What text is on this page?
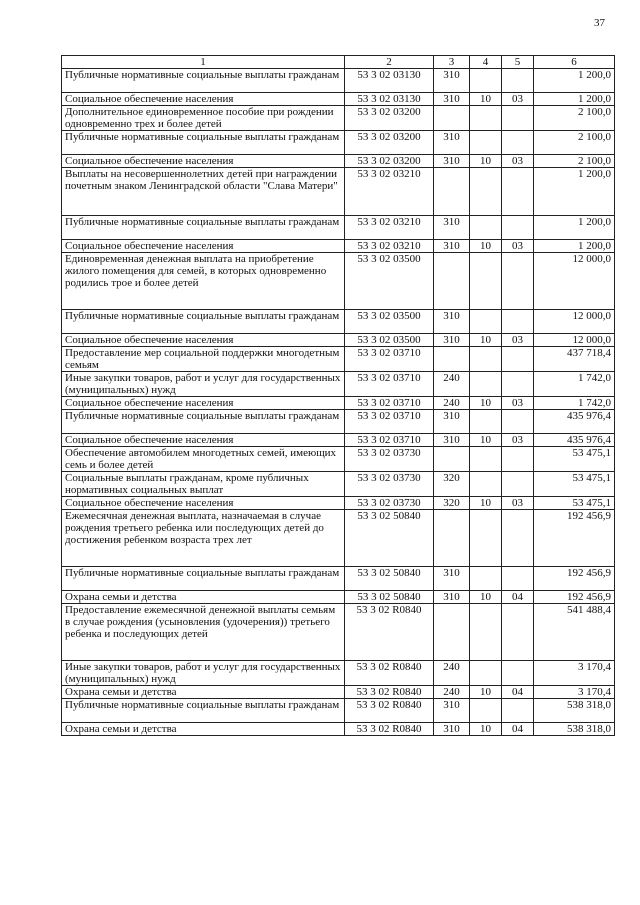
37
1	2	3	4	5	6
Публичные нормативные социальные выплаты гражданам	53 3 02 03130	310			1 200,0
Социальное обеспечение населения	53 3 02 03130	310	10	03	1 200,0
Дополнительное единовременное пособие при рождении одновременно трех и более детей	53 3 02 03200				2 100,0
Публичные нормативные социальные выплаты гражданам	53 3 02 03200	310			2 100,0
Социальное обеспечение населения	53 3 02 03200	310	10	03	2 100,0
Выплаты на несовершеннолетних детей при награждении почетным знаком Ленинградской области "Слава Матери"	53 3 02 03210				1 200,0
Публичные нормативные социальные выплаты гражданам	53 3 02 03210	310			1 200,0
Социальное обеспечение населения	53 3 02 03210	310	10	03	1 200,0
Единовременная денежная выплата на приобретение жилого помещения для семей, в которых одновременно родились трое и более детей	53 3 02 03500				12 000,0
Публичные нормативные социальные выплаты гражданам	53 3 02 03500	310			12 000,0
Социальное обеспечение населения	53 3 02 03500	310	10	03	12 000,0
Предоставление мер социальной поддержки многодетным семьям	53 3 02 03710				437 718,4
Иные закупки товаров, работ и услуг для государственных (муниципальных) нужд	53 3 02 03710	240			1 742,0
Социальное обеспечение населения	53 3 02 03710	240	10	03	1 742,0
Публичные нормативные социальные выплаты гражданам	53 3 02 03710	310			435 976,4
Социальное обеспечение населения	53 3 02 03710	310	10	03	435 976,4
Обеспечение автомобилем многодетных семей, имеющих семь и более детей	53 3 02 03730				53 475,1
Социальные выплаты гражданам, кроме публичных нормативных социальных выплат	53 3 02 03730	320			53 475,1
Социальное обеспечение населения	53 3 02 03730	320	10	03	53 475,1
Ежемесячная денежная выплата, назначаемая в случае рождения третьего ребенка или последующих детей до достижения ребенком возраста трех лет	53 3 02 50840				192 456,9
Публичные нормативные социальные выплаты гражданам	53 3 02 50840	310			192 456,9
Охрана семьи и детства	53 3 02 50840	310	10	04	192 456,9
Предоставление ежемесячной денежной выплаты семьям в случае рождения (усыновления (удочерения)) третьего ребенка и последующих детей	53 3 02 R0840				541 488,4
Иные закупки товаров, работ и услуг для государственных (муниципальных) нужд	53 3 02 R0840	240			3 170,4
Охрана семьи и детства	53 3 02 R0840	240	10	04	3 170,4
Публичные нормативные социальные выплаты гражданам	53 3 02 R0840	310			538 318,0
Охрана семьи и детства	53 3 02 R0840	310	10	04	538 318,0
